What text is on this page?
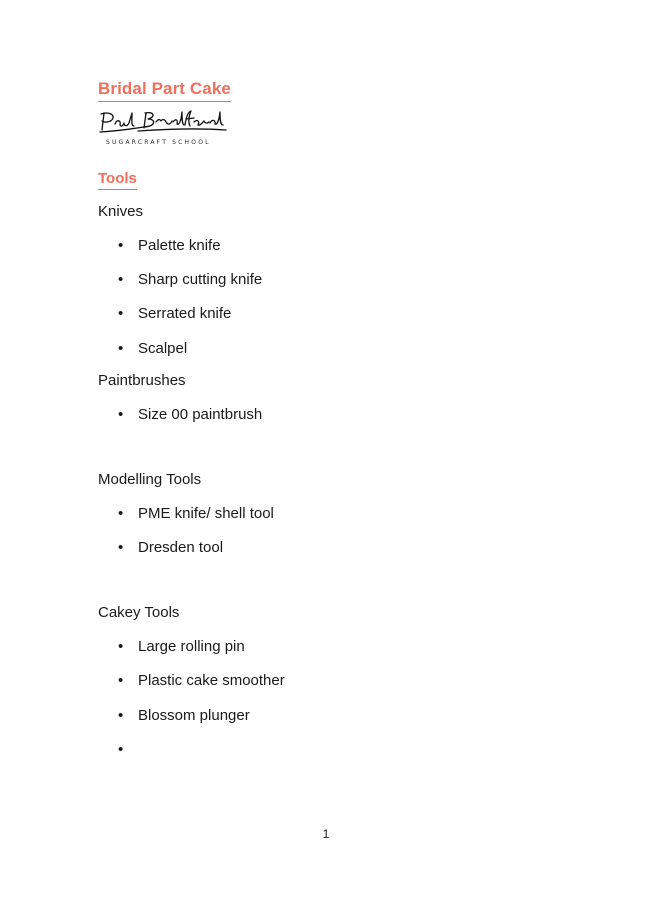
Bridal Part Cake
SUGARCRAFT SCHOOL
Tools
Knives
• Palette knife
• Sharp cutting knife
• Serrated knife
• Scalpel
Paintbrushes
• Size 00 paintbrush
Modelling Tools
• PME knife/ shell tool
• Dresden tool
Cakey Tools
• Large rolling pin
• Plastic cake smoother
• Blossom plunger
•
1
